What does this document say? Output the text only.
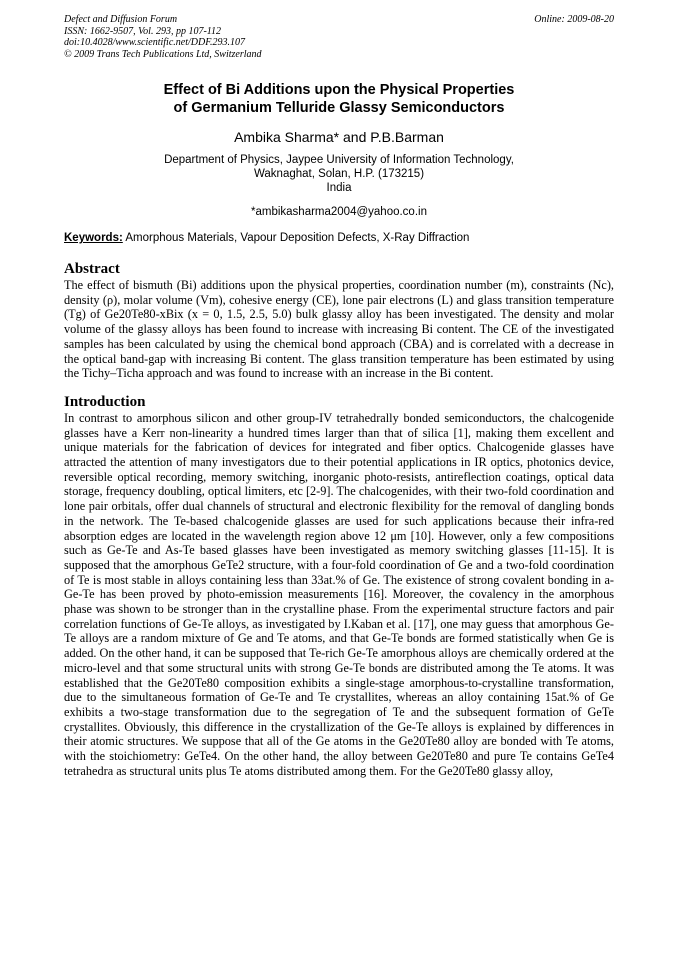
Defect and Diffusion Forum
ISSN: 1662-9507, Vol. 293, pp 107-112
doi:10.4028/www.scientific.net/DDF.293.107
© 2009 Trans Tech Publications Ltd, Switzerland
Online: 2009-08-20
Effect of Bi Additions upon the Physical Properties
of Germanium Telluride Glassy Semiconductors
Ambika Sharma* and P.B.Barman
Department of Physics, Jaypee University of Information Technology,
Waknaghat, Solan, H.P. (173215)
India
*ambikasharma2004@yahoo.co.in
Keywords: Amorphous Materials, Vapour Deposition Defects, X-Ray Diffraction
Abstract

The effect of bismuth (Bi) additions upon the physical properties, coordination number (m), constraints (Nc), density (ρ), molar volume (Vm), cohesive energy (CE), lone pair electrons (L) and glass transition temperature (Tg) of Ge20Te80-xBix (x = 0, 1.5, 2.5, 5.0) bulk glassy alloy has been investigated. The density and molar volume of the glassy alloys has been found to increase with increasing Bi content. The CE of the investigated samples has been calculated by using the chemical bond approach (CBA) and is correlated with a decrease in the optical band-gap with increasing Bi content. The glass transition temperature has been estimated by using the Tichy–Ticha approach and was found to increase with an increase in the Bi content.

Introduction

In contrast to amorphous silicon and other group-IV tetrahedrally bonded semiconductors, the chalcogenide glasses have a Kerr non-linearity a hundred times larger than that of silica [1], making them excellent and unique materials for the fabrication of devices for integrated and fiber optics. Chalcogenide glasses have attracted the attention of many investigators due to their potential applications in IR optics, photonics device, reversible optical recording, memory switching, inorganic photo-resists, antireflection coatings, optical data storage, frequency doubling, optical limiters, etc [2-9]. The chalcogenides, with their two-fold coordination and lone pair orbitals, offer dual channels of structural and electronic flexibility for the removal of dangling bonds in the network. The Te-based chalcogenide glasses are used for such applications because their infra-red absorption edges are located in the wavelength region above 12 μm [10]. However, only a few compositions such as Ge-Te and As-Te based glasses have been investigated as memory switching glasses [11-15]. It is supposed that the amorphous GeTe2 structure, with a four-fold coordination of Ge and a two-fold coordination of Te is most stable in alloys containing less than 33at.% of Ge. The existence of strong covalent bonding in a-Ge-Te has been proved by photo-emission measurements [16]. Moreover, the covalency in the amorphous phase was shown to be stronger than in the crystalline phase. From the experimental structure factors and pair correlation functions of Ge-Te alloys, as investigated by I.Kaban et al. [17], one may guess that amorphous Ge-Te alloys are a random mixture of Ge and Te atoms, and that Ge-Te bonds are formed statistically when Ge is added. On the other hand, it can be supposed that Te-rich Ge-Te amorphous alloys are chemically ordered at the micro-level and that some structural units with strong Ge-Te bonds are distributed among the Te atoms. It was established that the Ge20Te80 composition exhibits a single-stage amorphous-to-crystalline transformation, due to the simultaneous formation of Ge-Te and Te crystallites, whereas an alloy containing 15at.% of Ge exhibits a two-stage transformation due to the segregation of Te and the subsequent formation of GeTe crystallites. Obviously, this difference in the crystallization of the Ge-Te alloys is explained by differences in their atomic structures. We suppose that all of the Ge atoms in the Ge20Te80 alloy are bonded with Te atoms, with the stoichiometry: GeTe4. On the other hand, the alloy between Ge20Te80 and pure Te contains GeTe4 tetrahedra as structural units plus Te atoms distributed among them. For the Ge20Te80 glassy alloy,
